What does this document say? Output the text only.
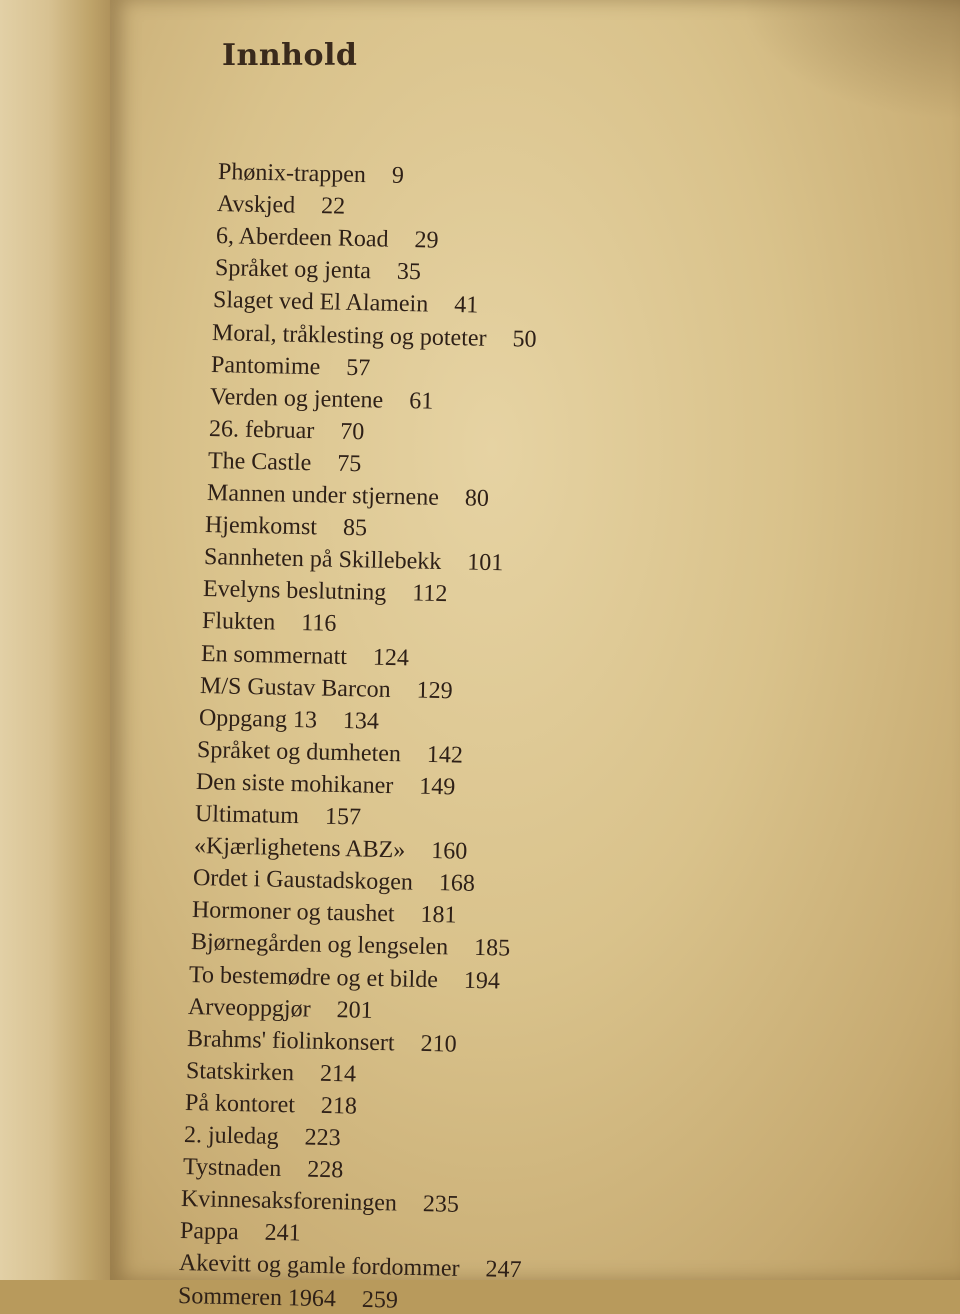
Innhold
Phønix-trappen 9
Avskjed 22
6, Aberdeen Road 29
Språket og jenta 35
Slaget ved El Alamein 41
Moral, tråklesting og poteter 50
Pantomime 57
Verden og jentene 61
26. februar 70
The Castle 75
Mannen under stjernene 80
Hjemkomst 85
Sannheten på Skillebekk 101
Evelyns beslutning 112
Flukten 116
En sommernatt 124
M/S Gustav Barcon 129
Oppgang 13 134
Språket og dumheten 142
Den siste mohikaner 149
Ultimatum 157
«Kjærlighetens ABZ» 160
Ordet i Gaustadskogen 168
Hormoner og taushet 181
Bjørnegården og lengselen 185
To bestemødre og et bilde 194
Arveoppgjør 201
Brahms' fiolinkonsert 210
Statskirken 214
På kontoret 218
2. juledag 223
Tystnaden 228
Kvinnesaksforeningen 235
Pappa 241
Akevitt og gamle fordommer 247
Sommeren 1964 259
